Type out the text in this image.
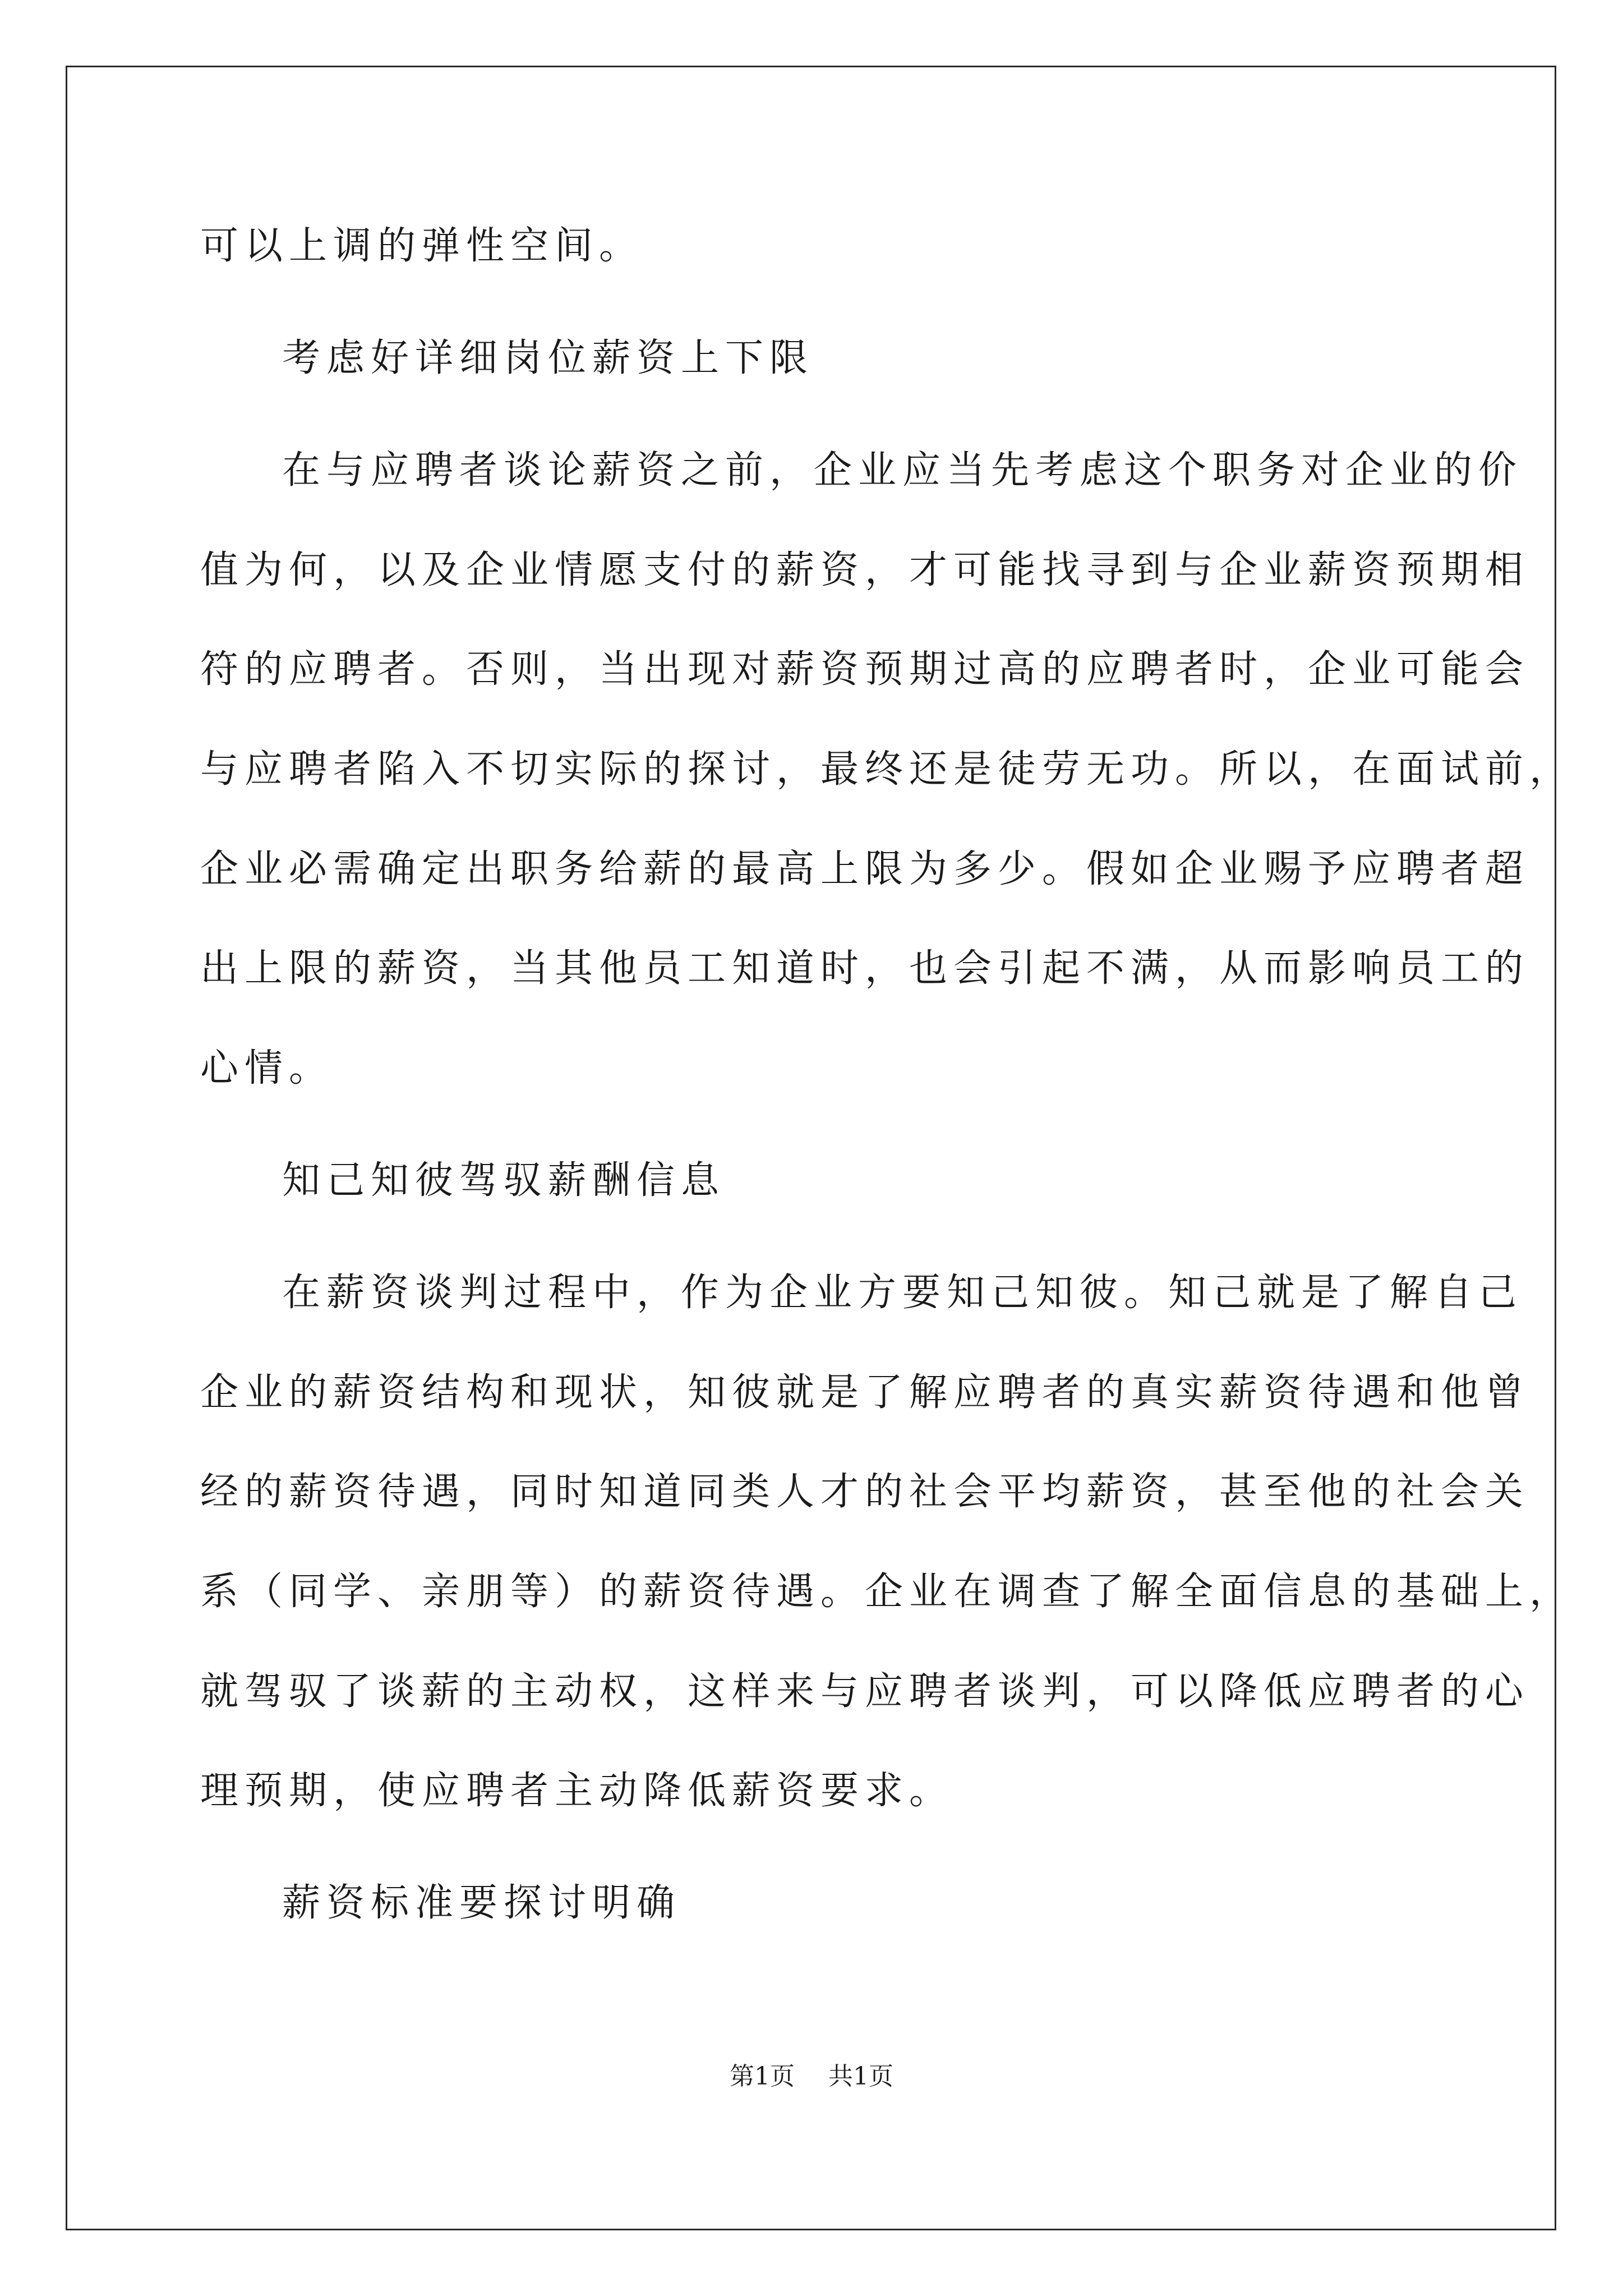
可以上调的弹性空间。
考虑好详细岗位薪资上下限
在与应聘者谈论薪资之前，企业应当先考虑这个职务对企业的价
值为何，以及企业情愿支付的薪资，才可能找寻到与企业薪资预期相
符的应聘者。否则，当出现对薪资预期过高的应聘者时，企业可能会
与应聘者陷入不切实际的探讨，最终还是徒劳无功。所以，在面试前，
企业必需确定出职务给薪的最高上限为多少。假如企业赐予应聘者超
出上限的薪资，当其他员工知道时，也会引起不满，从而影响员工的
心情。
知己知彼驾驭薪酬信息
在薪资谈判过程中，作为企业方要知己知彼。知己就是了解自己
企业的薪资结构和现状，知彼就是了解应聘者的真实薪资待遇和他曾
经的薪资待遇，同时知道同类人才的社会平均薪资，甚至他的社会关
系（同学、亲朋等）的薪资待遇。企业在调查了解全面信息的基础上，
就驾驭了谈薪的主动权，这样来与应聘者谈判，可以降低应聘者的心
理预期，使应聘者主动降低薪资要求。
薪资标准要探讨明确
第1页 共1页
